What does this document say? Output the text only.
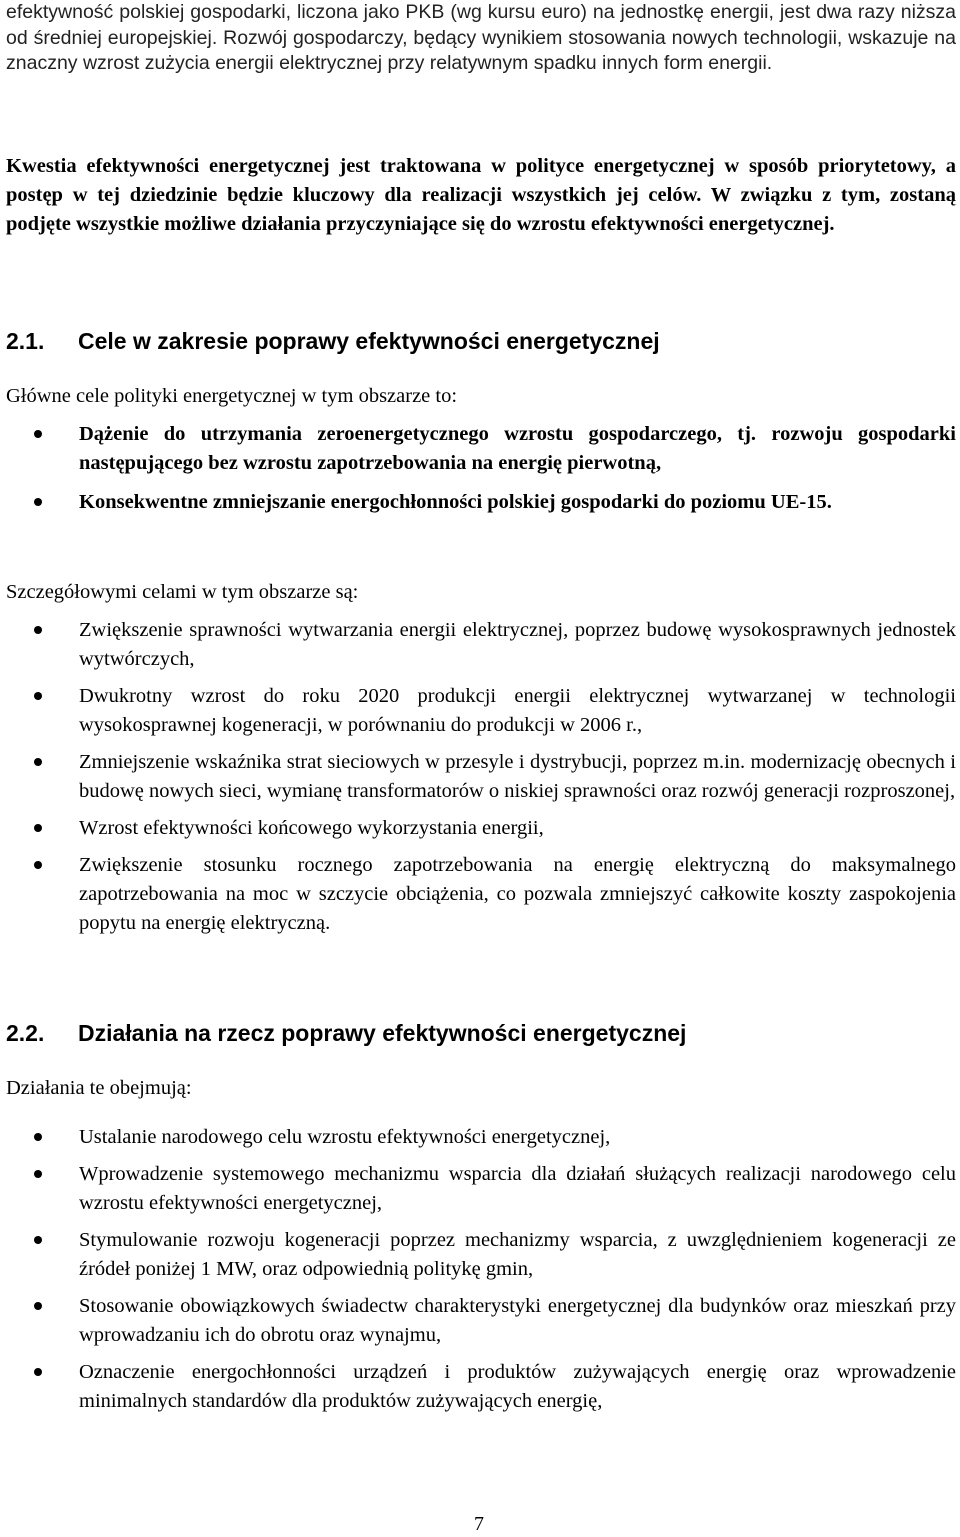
efektywność polskiej gospodarki, liczona jako PKB (wg kursu euro) na jednostkę energii, jest dwa razy niższa od średniej europejskiej. Rozwój gospodarczy, będący wynikiem stosowania nowych technologii, wskazuje na znaczny wzrost zużycia energii elektrycznej przy relatywnym spadku innych form energii.

Kwestia efektywności energetycznej jest traktowana w polityce energetycznej w sposób priorytetowy, a postęp w tej dziedzinie będzie kluczowy dla realizacji wszystkich jej celów. W związku z tym, zostaną podjęte wszystkie możliwe działania przyczyniające się do wzrostu efektywności energetycznej.

2.1. Cele w zakresie poprawy efektywności energetycznej

Główne cele polityki energetycznej w tym obszarze to:

Dążenie do utrzymania zeroenergetycznego wzrostu gospodarczego, tj. rozwoju gospodarki następującego bez wzrostu zapotrzebowania na energię pierwotną,
Konsekwentne zmniejszanie energochłonności polskiej gospodarki do poziomu UE-15.

Szczegółowymi celami w tym obszarze są:

Zwiększenie sprawności wytwarzania energii elektrycznej, poprzez budowę wysokosprawnych jednostek wytwórczych,
Dwukrotny wzrost do roku 2020 produkcji energii elektrycznej wytwarzanej w technologii wysokosprawnej kogeneracji, w porównaniu do produkcji w 2006 r.,
Zmniejszenie wskaźnika strat sieciowych w przesyle i dystrybucji, poprzez m.in. modernizację obecnych i budowę nowych sieci, wymianę transformatorów o niskiej sprawności oraz rozwój generacji rozproszonej,
Wzrost efektywności końcowego wykorzystania energii,
Zwiększenie stosunku rocznego zapotrzebowania na energię elektryczną do maksymalnego zapotrzebowania na moc w szczycie obciążenia, co pozwala zmniejszyć całkowite koszty zaspokojenia popytu na energię elektryczną.
2.2. Działania na rzecz poprawy efektywności energetycznej

Działania te obejmują:

Ustalanie narodowego celu wzrostu efektywności energetycznej,
Wprowadzenie systemowego mechanizmu wsparcia dla działań służących realizacji narodowego celu wzrostu efektywności energetycznej,
Stymulowanie rozwoju kogeneracji poprzez mechanizmy wsparcia, z uwzględnieniem kogeneracji ze źródeł poniżej 1 MW, oraz odpowiednią politykę gmin,
Stosowanie obowiązkowych świadectw charakterystyki energetycznej dla budynków oraz mieszkań przy wprowadzaniu ich do obrotu oraz wynajmu,
Oznaczenie energochłonności urządzeń i produktów zużywających energię oraz wprowadzenie minimalnych standardów dla produktów zużywających energię,
7
